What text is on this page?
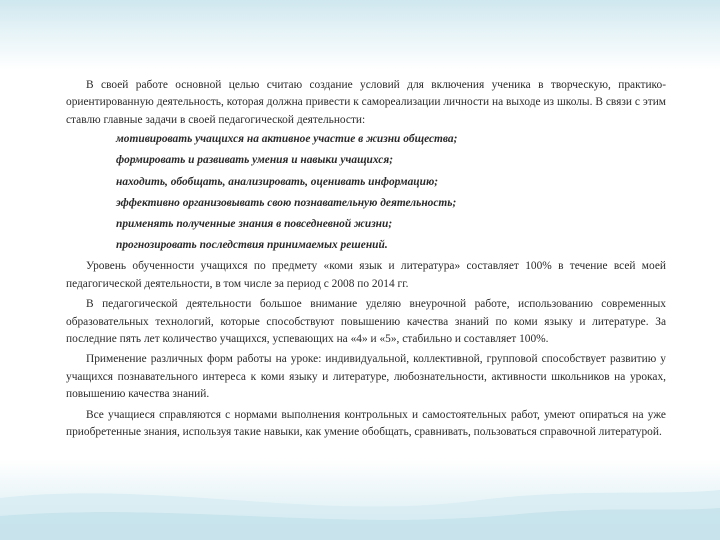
В своей работе основной целью считаю создание условий для включения ученика в творческую, практико-ориентированную деятельность, которая должна привести к самореализации личности на выходе из школы. В связи с этим ставлю главные задачи в своей педагогической деятельности:

мотивировать учащихся на активное участие в жизни общества;
формировать и развивать умения и навыки учащихся;
находить, обобщать, анализировать, оценивать информацию;
эффективно организовывать свою познавательную деятельность;
применять полученные знания в повседневной жизни;
прогнозировать последствия принимаемых решений.

Уровень обученности учащихся по предмету «коми язык и литература» составляет 100% в течение всей моей педагогической деятельности, в том числе за период с 2008 по 2014 гг.

В педагогической деятельности большое внимание уделяю внеурочной работе, использованию современных образовательных технологий, которые способствуют повышению качества знаний по коми языку и литературе. За последние пять лет количество учащихся, успевающих на «4» и «5», стабильно и составляет 100%.

Применение различных форм работы на уроке: индивидуальной, коллективной, групповой способствует развитию у учащихся познавательного интереса к коми языку и литературе, любознательности, активности школьников на уроках, повышению качества знаний.

Все учащиеся справляются с нормами выполнения контрольных и самостоятельных работ, умеют опираться на уже приобретенные знания, используя такие навыки, как умение обобщать, сравнивать, пользоваться справочной литературой.
